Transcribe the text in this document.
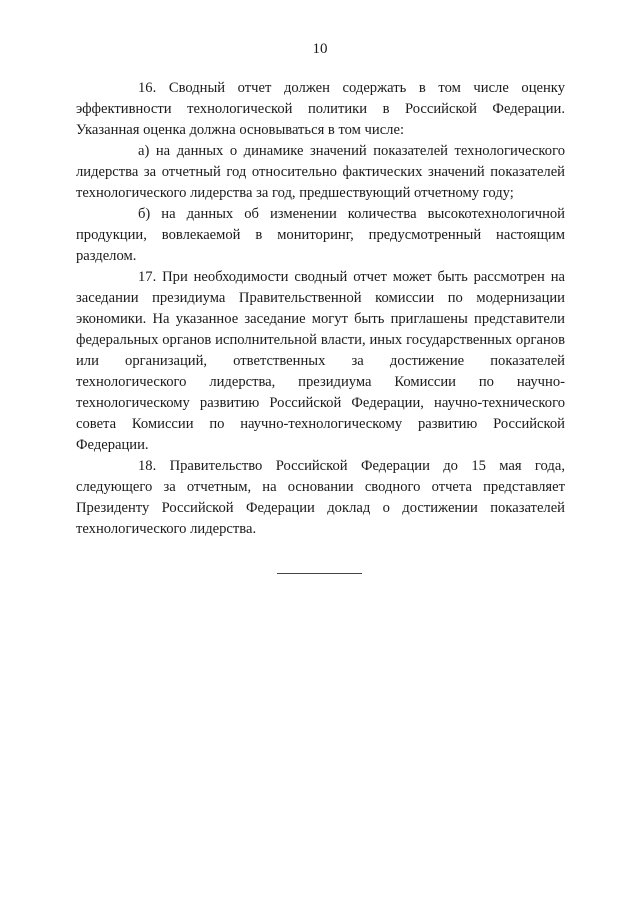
10

16. Сводный отчет должен содержать в том числе оценку эффективности технологической политики в Российской Федерации. Указанная оценка должна основываться в том числе:

а) на данных о динамике значений показателей технологического лидерства за отчетный год относительно фактических значений показателей технологического лидерства за год, предшествующий отчетному году;

б) на данных об изменении количества высокотехнологичной продукции, вовлекаемой в мониторинг, предусмотренный настоящим разделом.

17. При необходимости сводный отчет может быть рассмотрен на заседании президиума Правительственной комиссии по модернизации экономики. На указанное заседание могут быть приглашены представители федеральных органов исполнительной власти, иных государственных органов или организаций, ответственных за достижение показателей технологического лидерства, президиума Комиссии по научно-технологическому развитию Российской Федерации, научно-технического совета Комиссии по научно-технологическому развитию Российской Федерации.

18. Правительство Российской Федерации до 15 мая года, следующего за отчетным, на основании сводного отчета представляет Президенту Российской Федерации доклад о достижении показателей технологического лидерства.
